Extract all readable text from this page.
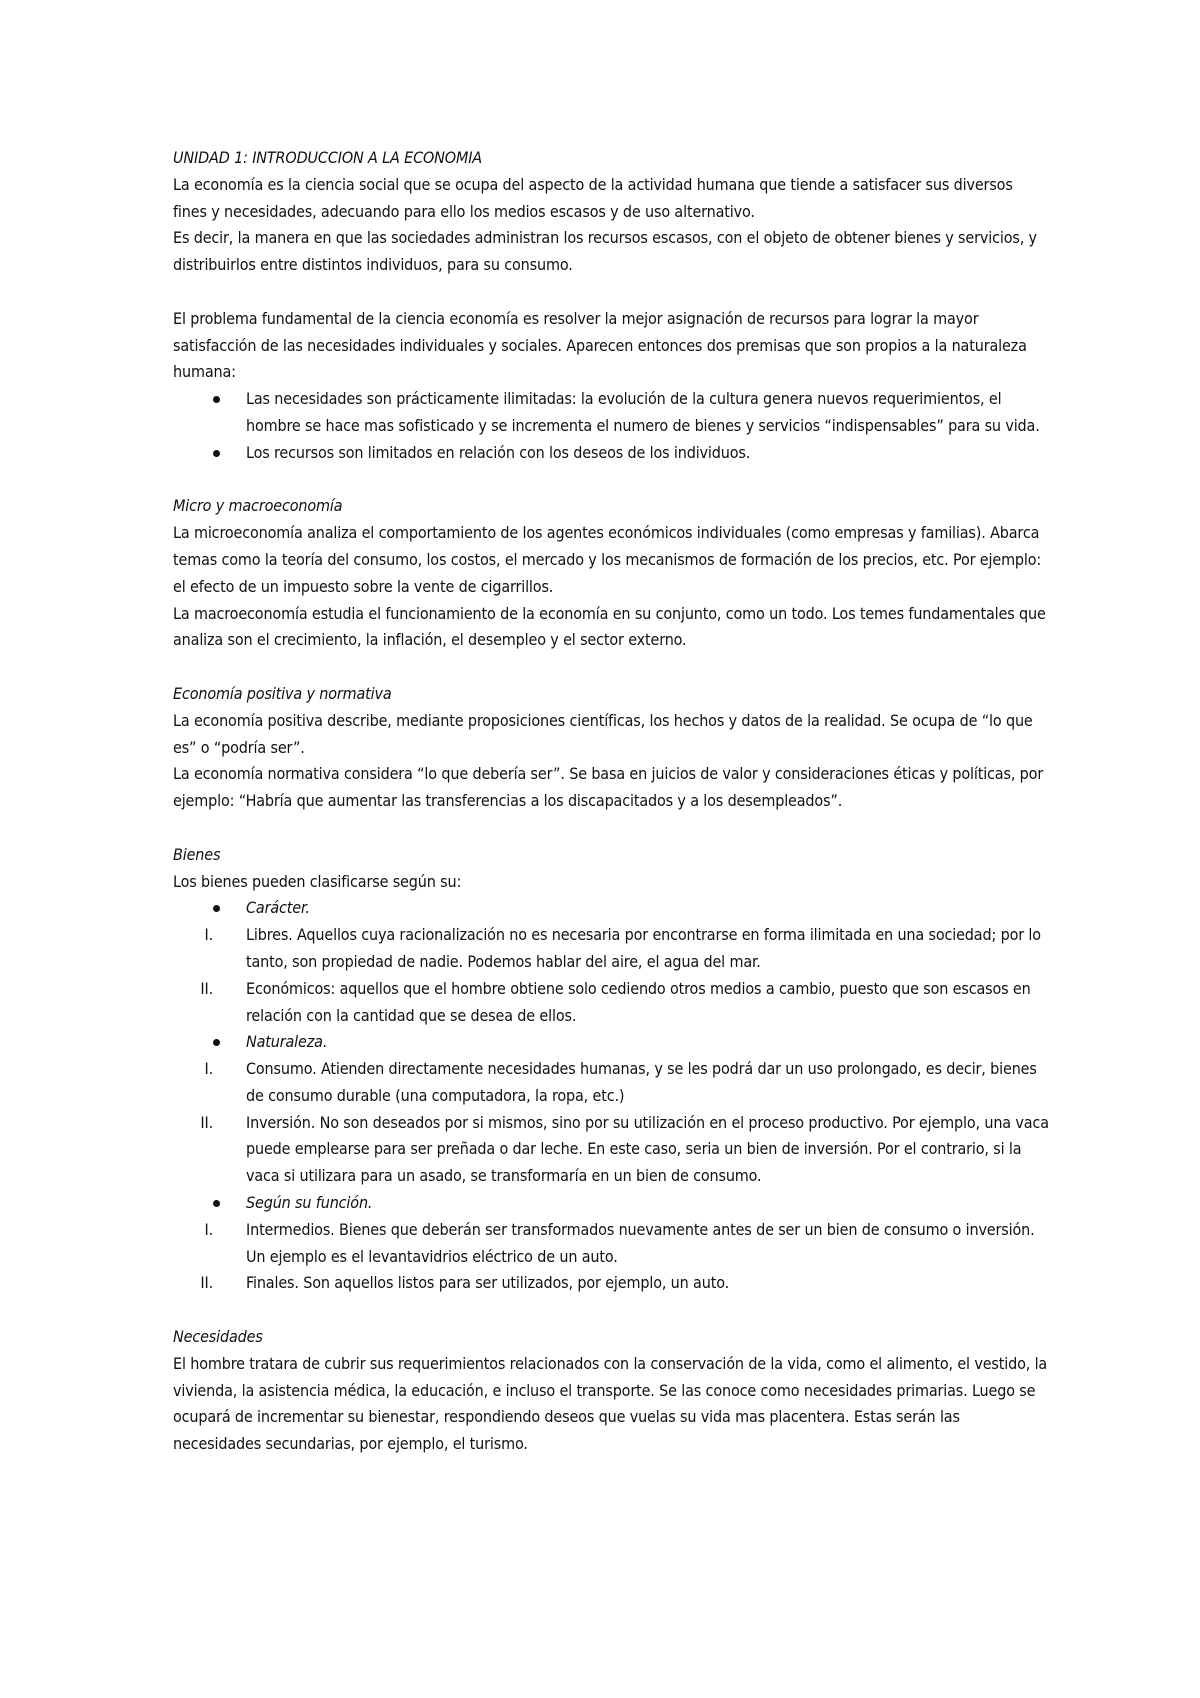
UNIDAD 1: INTRODUCCION A LA ECONOMIA

La economía es la ciencia social que se ocupa del aspecto de la actividad humana que tiende a satisfacer sus diversos fines y necesidades, adecuando para ello los medios escasos y de uso alternativo.

Es decir, la manera en que las sociedades administran los recursos escasos, con el objeto de obtener bienes y servicios, y distribuirlos entre distintos individuos, para su consumo.

El problema fundamental de la ciencia economía es resolver la mejor asignación de recursos para lograr la mayor satisfacción de las necesidades individuales y sociales. Aparecen entonces dos premisas que son propios a la naturaleza humana:

Las necesidades son prácticamente ilimitadas: la evolución de la cultura genera nuevos requerimientos, el hombre se hace mas sofisticado y se incrementa el numero de bienes y servicios “indispensables” para su vida.
Los recursos son limitados en relación con los deseos de los individuos.

Micro y macroeconomía

La microeconomía analiza el comportamiento de los agentes económicos individuales (como empresas y familias). Abarca temas como la teoría del consumo, los costos, el mercado y los mecanismos de formación de los precios, etc. Por ejemplo: el efecto de un impuesto sobre la vente de cigarrillos.

La macroeconomía estudia el funcionamiento de la economía en su conjunto, como un todo. Los temes fundamentales que analiza son el crecimiento, la inflación, el desempleo y el sector externo.

Economía positiva y normativa

La economía positiva describe, mediante proposiciones científicas, los hechos y datos de la realidad. Se ocupa de “lo que es” o “podría ser”.

La economía normativa considera “lo que debería ser”. Se basa en juicios de valor y consideraciones éticas y políticas, por ejemplo: “Habría que aumentar las transferencias a los discapacitados y a los desempleados”.

Bienes

Los bienes pueden clasificarse según su:

Carácter.
I. Libres. Aquellos cuya racionalización no es necesaria por encontrarse en forma ilimitada en una sociedad; por lo tanto, son propiedad de nadie. Podemos hablar del aire, el agua del mar.
II. Económicos: aquellos que el hombre obtiene solo cediendo otros medios a cambio, puesto que son escasos en relación con la cantidad que se desea de ellos.
Naturaleza.
I. Consumo. Atienden directamente necesidades humanas, y se les podrá dar un uso prolongado, es decir, bienes de consumo durable (una computadora, la ropa, etc.)
II. Inversión. No son deseados por si mismos, sino por su utilización en el proceso productivo. Por ejemplo, una vaca puede emplearse para ser preñada o dar leche. En este caso, seria un bien de inversión. Por el contrario, si la vaca si utilizara para un asado, se transformaría en un bien de consumo.
Según su función.
I. Intermedios. Bienes que deberán ser transformados nuevamente antes de ser un bien de consumo o inversión. Un ejemplo es el levantavidrios eléctrico de un auto.
II. Finales. Son aquellos listos para ser utilizados, por ejemplo, un auto.

Necesidades

El hombre tratara de cubrir sus requerimientos relacionados con la conservación de la vida, como el alimento, el vestido, la vivienda, la asistencia médica, la educación, e incluso el transporte. Se las conoce como necesidades primarias. Luego se ocupará de incrementar su bienestar, respondiendo deseos que vuelas su vida mas placentera. Estas serán las necesidades secundarias, por ejemplo, el turismo.
